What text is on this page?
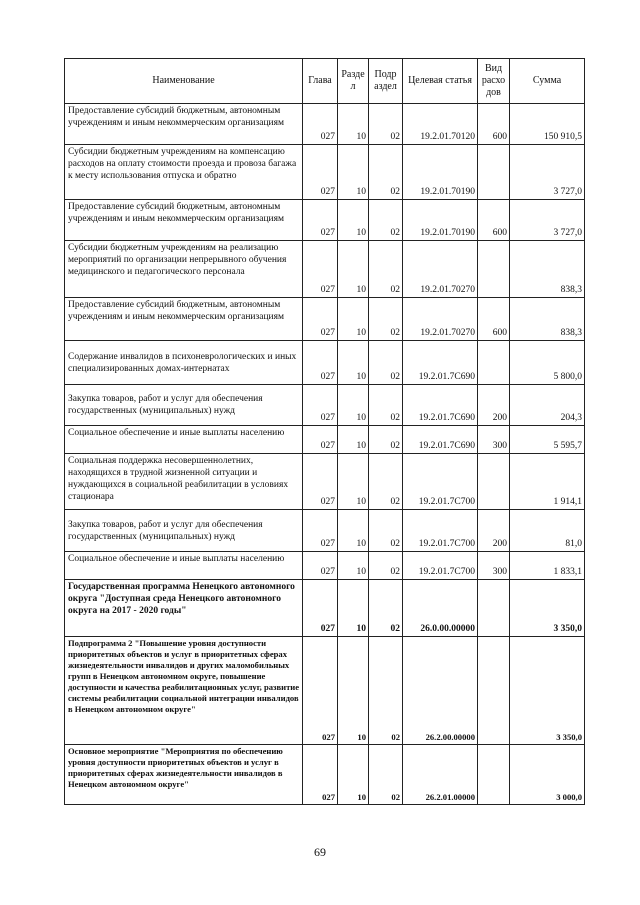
Наименование	Глава	Разде л	Подр аздел	Целевая статья	Вид расхо дов	Сумма
Предоставление субсидий бюджетным, автономным учреждениям и иным некоммерческим организациям	027	10	02	19.2.01.70120	600	150 910,5
Субсидии бюджетным учреждениям на компенсацию расходов на оплату стоимости проезда и провоза багажа к месту использования отпуска и обратно	027	10	02	19.2.01.70190		3 727,0
Предоставление субсидий бюджетным, автономным учреждениям и иным некоммерческим организациям	027	10	02	19.2.01.70190	600	3 727,0
Субсидии бюджетным учреждениям на реализацию мероприятий по организации непрерывного обучения медицинского и педагогического персонала	027	10	02	19.2.01.70270		838,3
Предоставление субсидий бюджетным, автономным учреждениям и иным некоммерческим организациям	027	10	02	19.2.01.70270	600	838,3
Содержание инвалидов в психоневрологических и иных специализированных домах-интернатах	027	10	02	19.2.01.7С690		5 800,0
Закупка товаров, работ и услуг для обеспечения государственных (муниципальных) нужд	027	10	02	19.2.01.7С690	200	204,3
Социальное обеспечение и иные выплаты населению	027	10	02	19.2.01.7С690	300	5 595,7
Социальная поддержка несовершеннолетних, находящихся в трудной жизненной ситуации и нуждающихся в социальной реабилитации в условиях стационара	027	10	02	19.2.01.7С700		1 914,1
Закупка товаров, работ и услуг для обеспечения государственных (муниципальных) нужд	027	10	02	19.2.01.7С700	200	81,0
Социальное обеспечение и иные выплаты населению	027	10	02	19.2.01.7С700	300	1 833,1
Государственная программа Ненецкого автономного округа "Доступная среда Ненецкого автономного округа на 2017 - 2020 годы"	027	10	02	26.0.00.00000		3 350,0
Подпрограмма 2 "Повышение уровня доступности приоритетных объектов и услуг в приоритетных сферах жизнедеятельности инвалидов и других маломобильных групп в Ненецком автономном округе, повышение доступности и качества реабилитационных услуг, развитие системы реабилитации социальной интеграции инвалидов в Ненецком автономном округе"	027	10	02	26.2.00.00000		3 350,0
Основное мероприятие "Мероприятия по обеспечению уровня доступности приоритетных объектов и услуг в приоритетных сферах жизнедеятельности инвалидов в Ненецком автономном округе"	027	10	02	26.2.01.00000		3 000,0
69
